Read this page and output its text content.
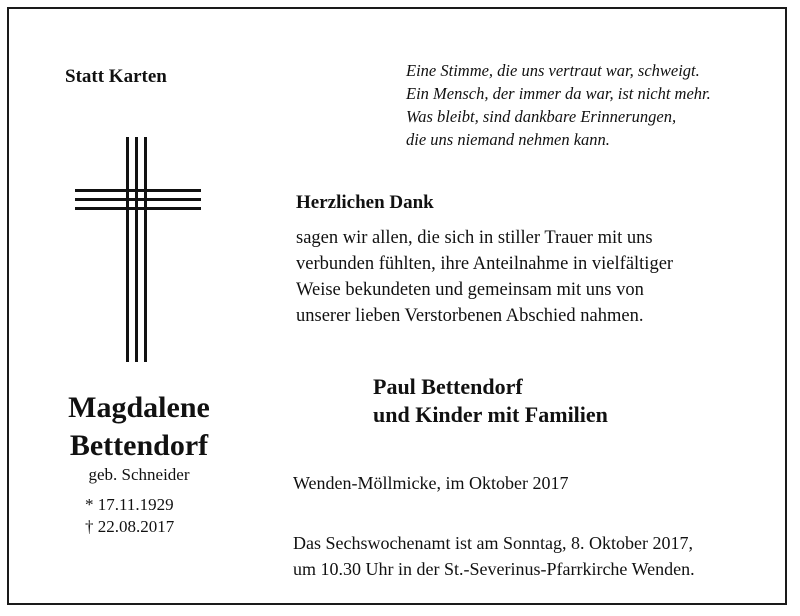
Statt Karten	Eine Stimme, die uns vertraut war, schweigt.
Ein Mensch, der immer da war, ist nicht mehr.
Was bleibt, sind dankbare Erinnerungen,
die uns niemand nehmen kann.
Herzlichen Dank
sagen wir allen, die sich in stiller Trauer mit uns
verbunden fühlten, ihre Anteilnahme in vielfältiger
Weise bekundeten und gemeinsam mit uns von
unserer lieben Verstorbenen Abschied nahmen.
Paul Bettendorf
und Kinder mit Familien
Magdalene
Bettendorf
geb. Schneider
* 17.11.1929
† 22.08.2017
Wenden-Möllmicke, im Oktober 2017
Das Sechswochenamt ist am Sonntag, 8. Oktober 2017,
um 10.30 Uhr in der St.-Severinus-Pfarrkirche Wenden.
